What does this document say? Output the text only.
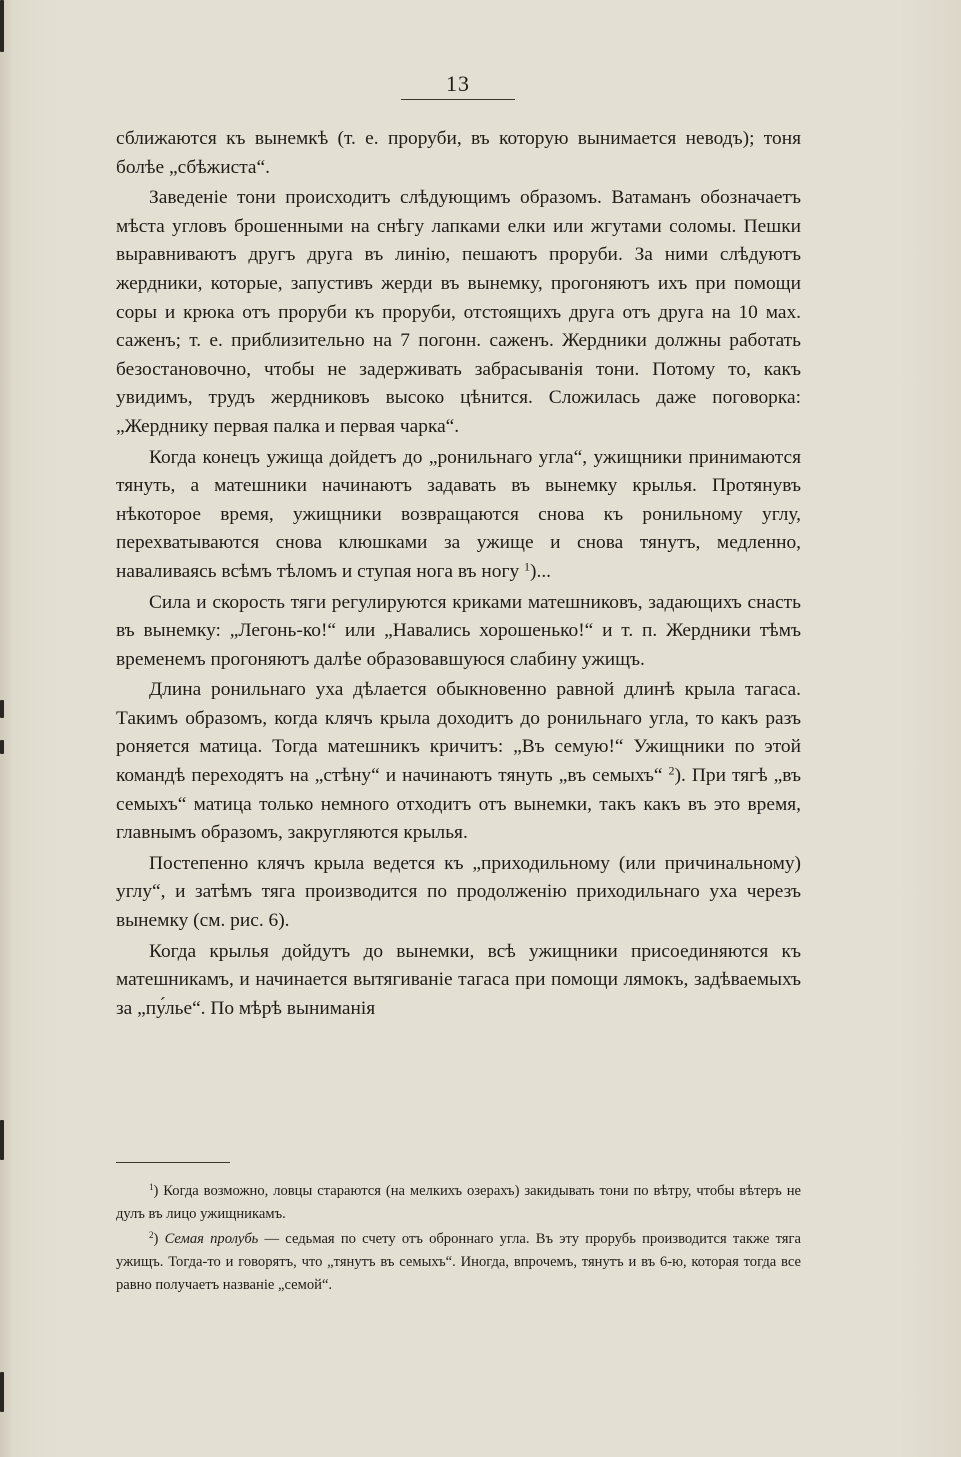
13

сближаются къ вынемкѣ (т. е. проруби, въ которую вынимается неводъ); тоня болѣе „сбѣжиста“.

Заведеніе тони происходитъ слѣдующимъ образомъ. Ватаманъ обозначаетъ мѣста угловъ брошенными на снѣгу лапками елки или жгутами соломы. Пешки выравниваютъ другъ друга въ линію, пешаютъ проруби. За ними слѣдуютъ жердники, которые, запустивъ жерди въ вынемку, прогоняютъ ихъ при помощи соры и крюка отъ проруби къ проруби, отстоящихъ друга отъ друга на 10 мах. саженъ; т. е. приблизительно на 7 погонн. саженъ. Жердники должны работать безостановочно, чтобы не задерживать забрасыванія тони. Потому то, какъ увидимъ, трудъ жердниковъ высоко цѣнится. Сложилась даже поговорка: „Жерднику первая палка и первая чарка“.

Когда конецъ ужища дойдетъ до „ронильнаго угла“, ужищники принимаются тянуть, а матешники начинаютъ задавать въ вынемку крылья. Протянувъ нѣкоторое время, ужищники возвращаются снова къ ронильному углу, перехватываются снова клюшками за ужище и снова тянутъ, медленно, наваливаясь всѣмъ тѣломъ и ступая нога въ ногу $^1$)...

Сила и скорость тяги регулируются криками матешниковъ, задающихъ снасть въ вынемку: „Легонь-ко!“ или „Навались хорошенько!“ и т. п. Жердники тѣмъ временемъ прогоняютъ далѣе образовавшуюся слабину ужищъ.

Длина ронильнаго уха дѣлается обыкновенно равной длинѣ крыла тагаса. Такимъ образомъ, когда клячъ крыла доходитъ до ронильнаго угла, то какъ разъ роняется матица. Тогда матешникъ кричитъ: „Въ семую!“ Ужищники по этой командѣ переходятъ на „стѣну“ и начинаютъ тянуть „въ семыхъ“ $^2$). При тягѣ „въ семыхъ“ матица только немного отходитъ отъ вынемки, такъ какъ въ это время, главнымъ образомъ, закругляются крылья.

Постепенно клячъ крыла ведется къ „приходильному (или причинальному) углу“, и затѣмъ тяга производится по продолженію приходильнаго уха черезъ вынемку (см. рис. 6).

Когда крылья дойдутъ до вынемки, всѣ ужищники присоединяются къ матешникамъ, и начинается вытягиваніе тагаса при помощи лямокъ, задѣваемыхъ за „пу́лье“. По мѣрѣ выниманія

$^1$) Когда возможно, ловцы стараются (на мелкихъ озерахъ) закидывать тони по вѣтру, чтобы вѣтеръ не дулъ въ лицо ужищникамъ.

$^2$) Семая пролубь — седьмая по счету отъ оброннаго угла. Въ эту прорубь производится также тяга ужищъ. Тогда-то и говорятъ, что „тянутъ въ семыхъ“. Иногда, впрочемъ, тянутъ и въ 6-ю, которая тогда все равно получаетъ названіе „семой“.
